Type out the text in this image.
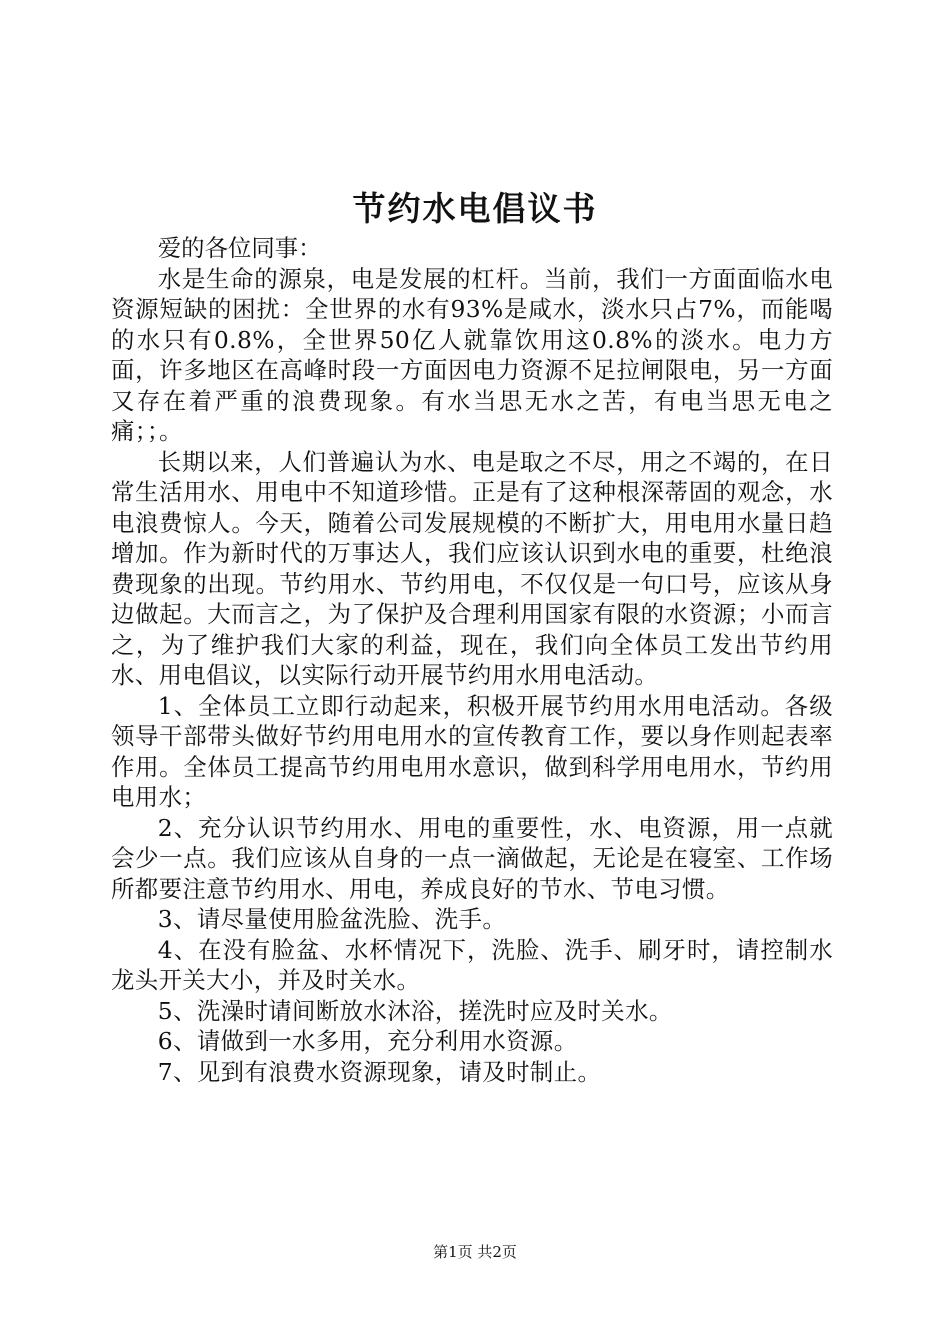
节约水电倡议书

爱的各位同事：

水是生命的源泉，电是发展的杠杆。当前，我们一方面面临水电资源短缺的困扰：全世界的水有93%是咸水，淡水只占7%，而能喝的水只有0.8%，全世界50亿人就靠饮用这0.8%的淡水。电力方面，许多地区在高峰时段一方面因电力资源不足拉闸限电，另一方面又存在着严重的浪费现象。有水当思无水之苦，有电当思无电之痛；；。

长期以来，人们普遍认为水、电是取之不尽，用之不竭的，在日常生活用水、用电中不知道珍惜。正是有了这种根深蒂固的观念，水电浪费惊人。今天，随着公司发展规模的不断扩大，用电用水量日趋增加。作为新时代的万事达人，我们应该认识到水电的重要，杜绝浪费现象的出现。节约用水、节约用电，不仅仅是一句口号，应该从身边做起。大而言之，为了保护及合理利用国家有限的水资源；小而言之，为了维护我们大家的利益，现在，我们向全体员工发出节约用水、用电倡议，以实际行动开展节约用水用电活动。

1、全体员工立即行动起来，积极开展节约用水用电活动。各级领导干部带头做好节约用电用水的宣传教育工作，要以身作则起表率作用。全体员工提高节约用电用水意识，做到科学用电用水，节约用电用水；

2、充分认识节约用水、用电的重要性，水、电资源，用一点就会少一点。我们应该从自身的一点一滴做起，无论是在寝室、工作场所都要注意节约用水、用电，养成良好的节水、节电习惯。

3、请尽量使用脸盆洗脸、洗手。

4、在没有脸盆、水杯情况下，洗脸、洗手、刷牙时，请控制水龙头开关大小，并及时关水。

5、洗澡时请间断放水沐浴，搓洗时应及时关水。

6、请做到一水多用，充分利用水资源。

7、见到有浪费水资源现象，请及时制止。

第1页 共2页
